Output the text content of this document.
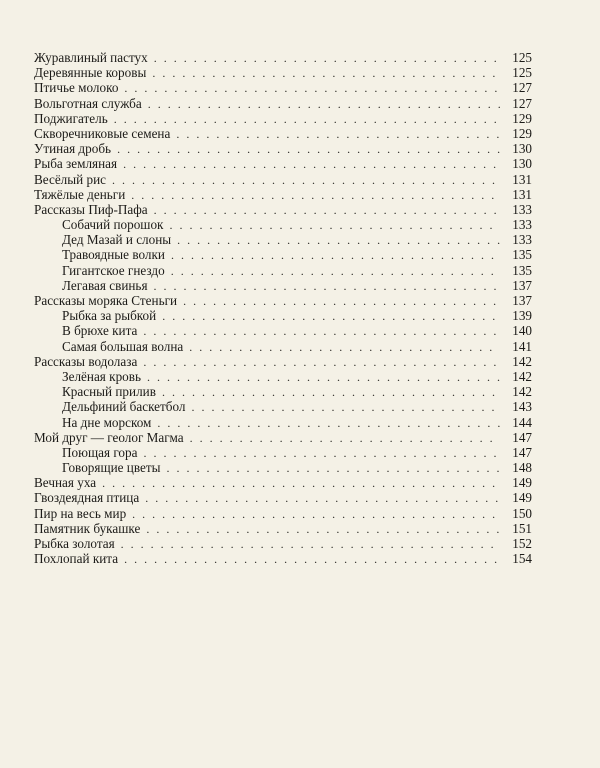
Журавлиный пастух . . .	125
Деревянные коровы . . .	125
Птичье молоко . . .	127
Вольготная служба . . .	127
Поджигатель . . .	129
Скворечниковые семена . . .	129
Утиная дробь . . .	130
Рыба земляная . . .	130
Весёлый рис . . .	131
Тяжёлые деньги . . .	131
Рассказы Пиф-Пафа . . .	133
Собачий порошок . . .	133
Дед Мазай и слоны . . .	133
Травоядные волки . . .	135
Гигантское гнездо . . .	135
Легавая свинья . . .	137
Рассказы моряка Стеньги . . .	137
Рыбка за рыбкой . . .	139
В брюхе кита . . .	140
Самая большая волна . . .	141
Рассказы водолаза . . .	142
Зелёная кровь . . .	142
Красный прилив . . .	142
Дельфиний баскетбол . . .	143
На дне морском . . .	144
Мой друг — геолог Магма . . .	147
Поющая гора . . .	147
Говорящие цветы . . .	148
Вечная уха . . .	149
Гвоздеядная птица . . .	149
Пир на весь мир . . .	150
Памятник букашке . . .	151
Рыбка золотая . . .	152
Похлопай кита . . .	154
